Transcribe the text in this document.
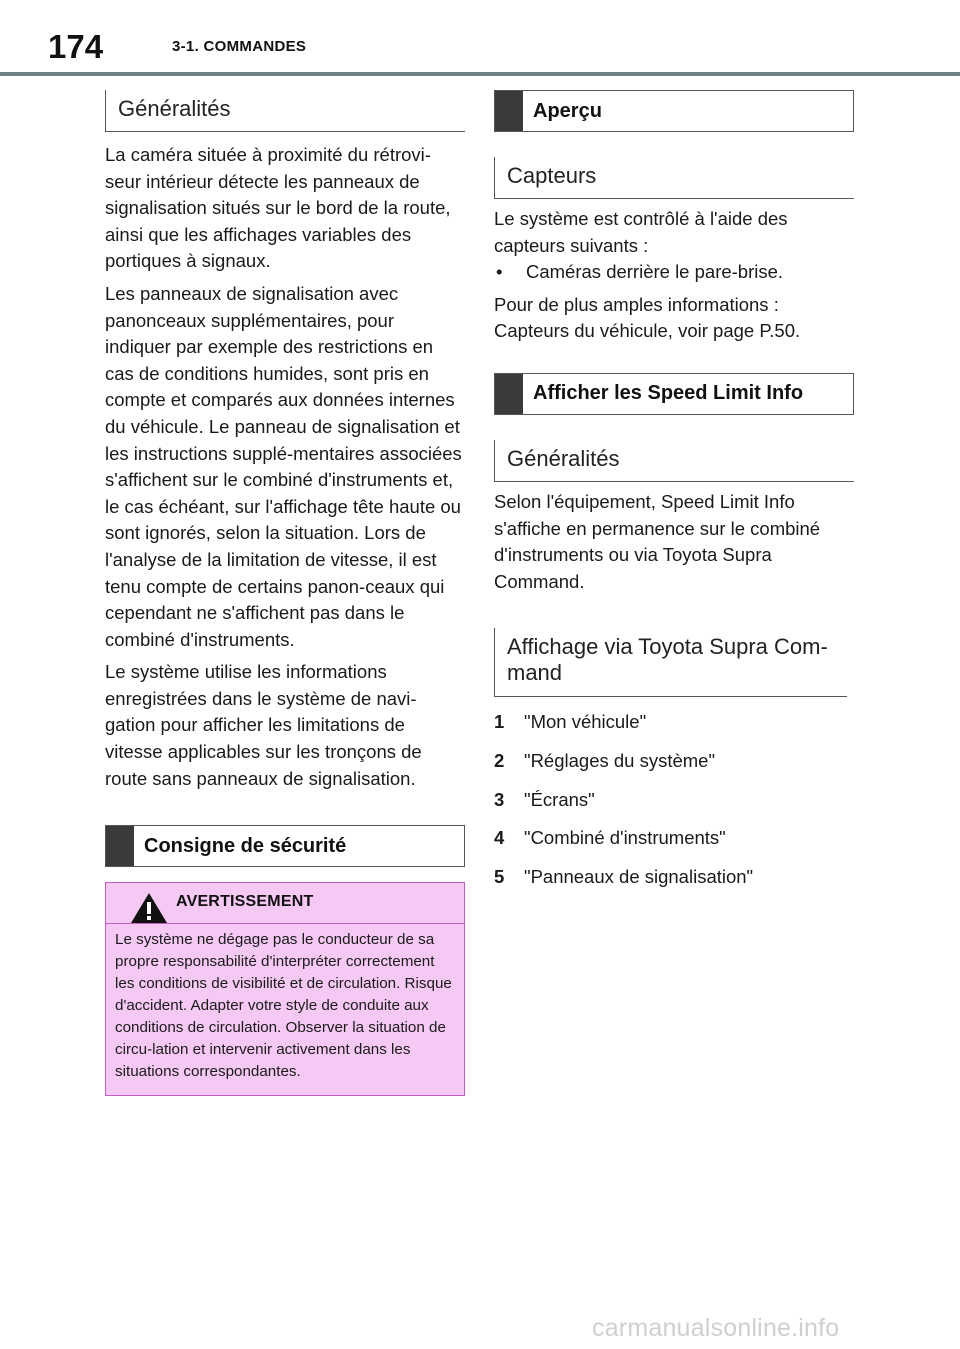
174	3-1. COMMANDES
Généralités

La caméra située à proximité du rétrovi-seur intérieur détecte les panneaux de signalisation situés sur le bord de la route, ainsi que les affichages variables des portiques à signaux.

Les panneaux de signalisation avec panonceaux supplémentaires, pour indiquer par exemple des restrictions en cas de conditions humides, sont pris en compte et comparés aux données internes du véhicule. Le panneau de signalisation et les instructions supplé-mentaires associées s'affichent sur le combiné d'instruments et, le cas échéant, sur l'affichage tête haute ou sont ignorés, selon la situation. Lors de l'analyse de la limitation de vitesse, il est tenu compte de certains panon-ceaux qui cependant ne s'affichent pas dans le combiné d'instruments.

Le système utilise les informations enregistrées dans le système de navi-gation pour afficher les limitations de vitesse applicables sur les tronçons de route sans panneaux de signalisation.

Consigne de sécurité
AVERTISSEMENT
Le système ne dégage pas le conducteur de sa propre responsabilité d'interpréter correctement les conditions de visibilité et de circulation. Risque d'accident. Adapter votre style de conduite aux conditions de circulation. Observer la situation de circu-lation et intervenir activement dans les situations correspondantes.
Aperçu
Capteurs

Le système est contrôlé à l'aide des capteurs suivants :

•	Caméras derrière le pare-brise.

Pour de plus amples informations : Capteurs du véhicule, voir page P.50.

Afficher les Speed Limit Info
Généralités

Selon l'équipement, Speed Limit Info s'affiche en permanence sur le combiné d'instruments ou via Toyota Supra Command.

Affichage via Toyota Supra Com-mand
1	"Mon véhicule"
2	"Réglages du système"
3	"Écrans"
4	"Combiné d'instruments"
5	"Panneaux de signalisation"
carmanualsonline.info
